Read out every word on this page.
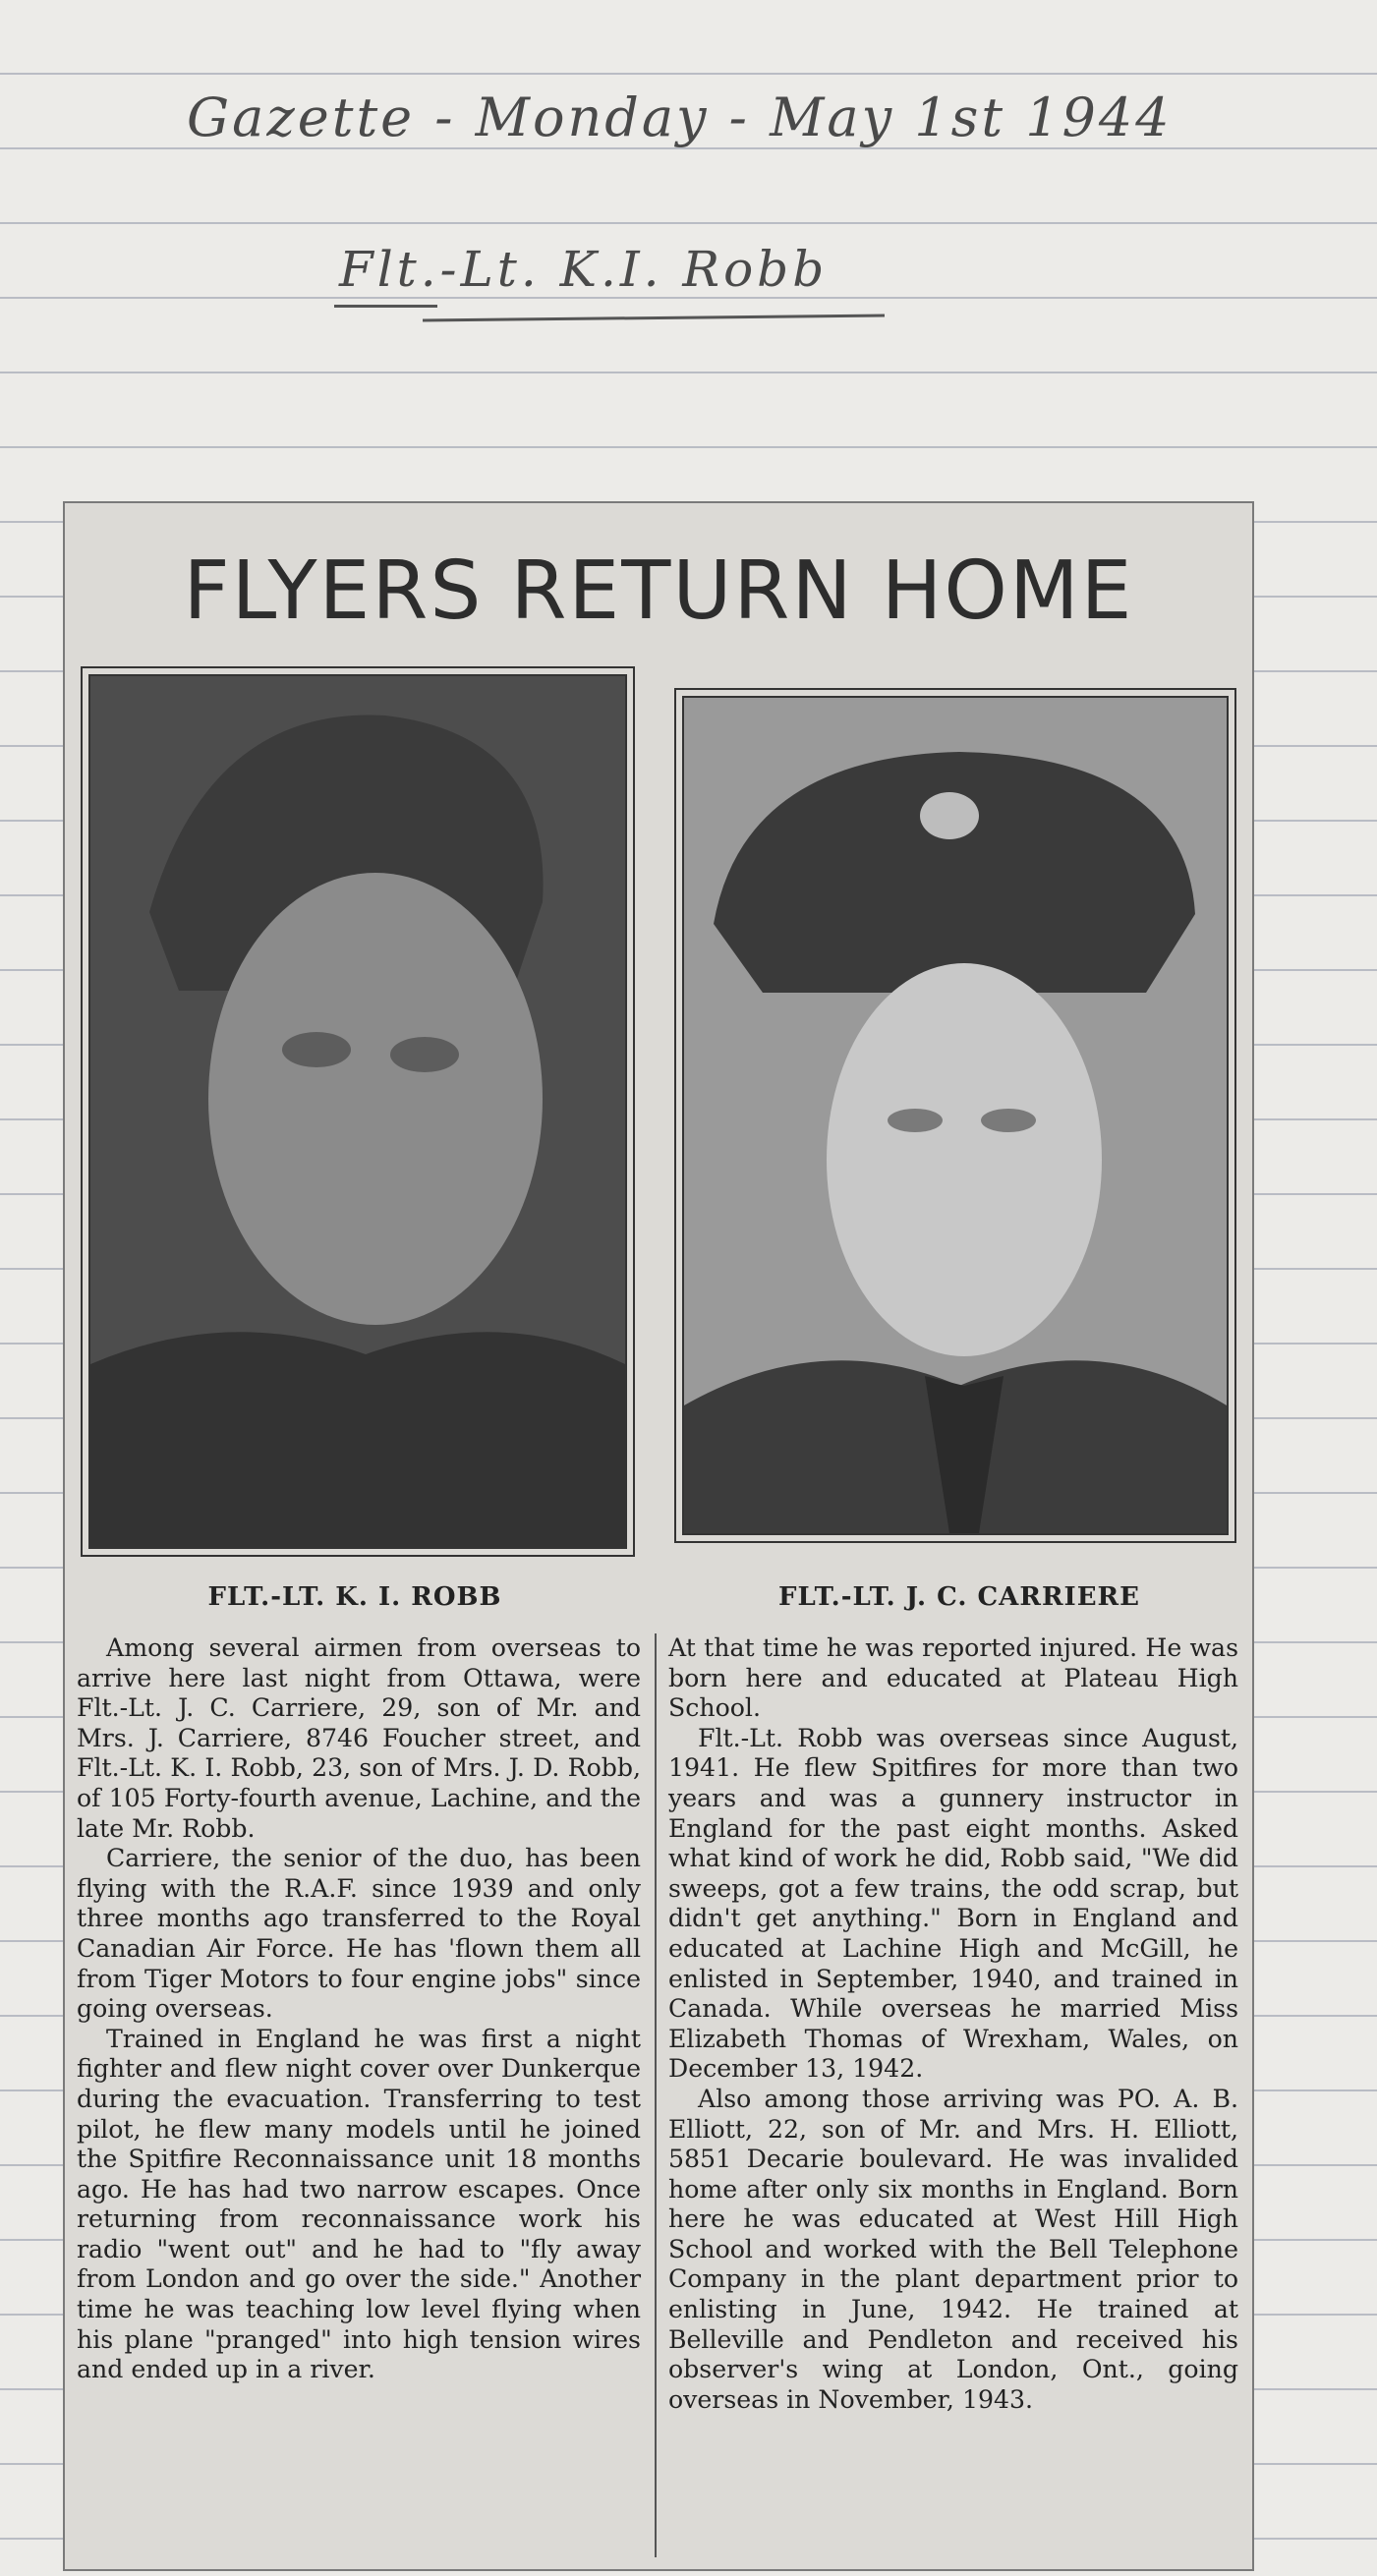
Gazette - Monday - May 1st 1944
Flt.-Lt. K.I. Robb
FLYERS RETURN HOME
FLT.-LT. K. I. ROBB	FLT.-LT. J. C. CARRIERE

Among several airmen from overseas to arrive here last night from Ottawa, were Flt.-Lt. J. C. Carriere, 29, son of Mr. and Mrs. J. Carriere, 8746 Foucher street, and Flt.-Lt. K. I. Robb, 23, son of Mrs. J. D. Robb, of 105 Forty-fourth avenue, Lachine, and the late Mr. Robb.

Carriere, the senior of the duo, has been flying with the R.A.F. since 1939 and only three months ago transferred to the Royal Canadian Air Force. He has 'flown them all from Tiger Motors to four engine jobs" since going overseas.

Trained in England he was first a night fighter and flew night cover over Dunkerque during the evacuation. Transferring to test pilot, he flew many models until he joined the Spitfire Reconnaissance unit 18 months ago. He has had two narrow escapes. Once returning from reconnaissance work his radio "went out" and he had to "fly away from London and go over the side." Another time he was teaching low level flying when his plane "pranged" into high tension wires and ended up in a river.

At that time he was reported injured. He was born here and educated at Plateau High School.

Flt.-Lt. Robb was overseas since August, 1941. He flew Spitfires for more than two years and was a gunnery instructor in England for the past eight months. Asked what kind of work he did, Robb said, "We did sweeps, got a few trains, the odd scrap, but didn't get anything." Born in England and educated at Lachine High and McGill, he enlisted in September, 1940, and trained in Canada. While overseas he married Miss Elizabeth Thomas of Wrexham, Wales, on December 13, 1942.

Also among those arriving was PO. A. B. Elliott, 22, son of Mr. and Mrs. H. Elliott, 5851 Decarie boulevard. He was invalided home after only six months in England. Born here he was educated at West Hill High School and worked with the Bell Telephone Company in the plant department prior to enlisting in June, 1942. He trained at Belleville and Pendleton and received his observer's wing at London, Ont., going overseas in November, 1943.
